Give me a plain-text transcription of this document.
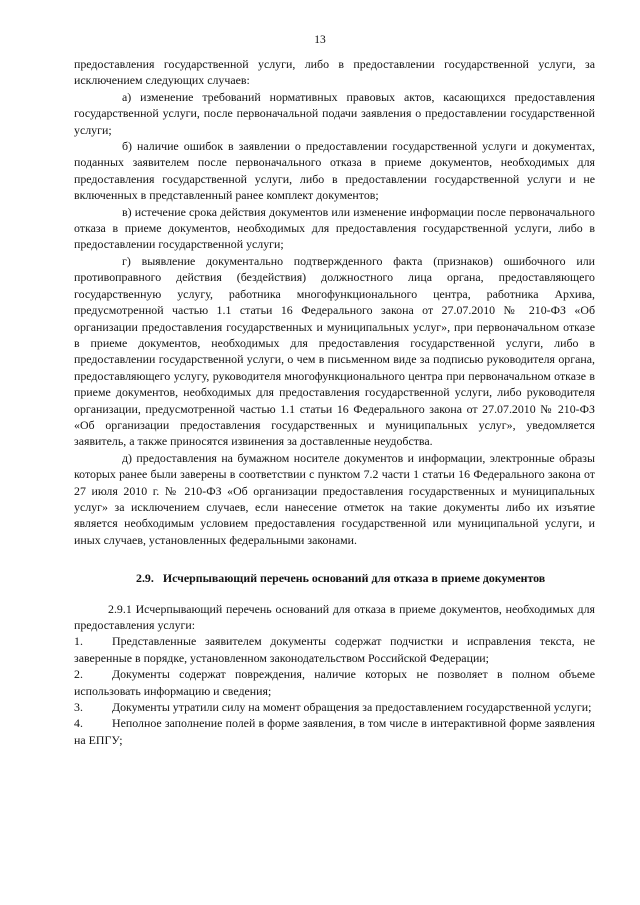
13

предоставления государственной услуги, либо в предоставлении государственной услуги, за исключением следующих случаев:

а) изменение требований нормативных правовых актов, касающихся предоставления государственной услуги, после первоначальной подачи заявления о предоставлении государственной услуги;

б) наличие ошибок в заявлении о предоставлении государственной услуги и документах, поданных заявителем после первоначального отказа в приеме документов, необходимых для предоставления государственной услуги, либо в предоставлении государственной услуги и не включенных в представленный ранее комплект документов;

в) истечение срока действия документов или изменение информации после первоначального отказа в приеме документов, необходимых для предоставления государственной услуги, либо в предоставлении государственной услуги;

г) выявление документально подтвержденного факта (признаков) ошибочного или противоправного действия (бездействия) должностного лица органа, предоставляющего государственную услугу, работника многофункционального центра, работника Архива, предусмотренной частью 1.1 статьи 16 Федерального закона от 27.07.2010 № 210-ФЗ «Об организации предоставления государственных и муниципальных услуг», при первоначальном отказе в приеме документов, необходимых для предоставления государственной услуги, либо в предоставлении государственной услуги, о чем в письменном виде за подписью руководителя органа, предоставляющего услугу, руководителя многофункционального центра при первоначальном отказе в приеме документов, необходимых для предоставления государственной услуги, либо руководителя организации, предусмотренной частью 1.1 статьи 16 Федерального закона от 27.07.2010 № 210-ФЗ «Об организации предоставления государственных и муниципальных услуг», уведомляется заявитель, а также приносятся извинения за доставленные неудобства.

д) предоставления на бумажном носителе документов и информации, электронные образы которых ранее были заверены в соответствии с пунктом 7.2 части 1 статьи 16 Федерального закона от 27 июля 2010 г. № 210-ФЗ «Об организации предоставления государственных и муниципальных услуг» за исключением случаев, если нанесение отметок на такие документы либо их изъятие является необходимым условием предоставления государственной или муниципальной услуги, и иных случаев, установленных федеральными законами.

2.9. Исчерпывающий перечень оснований для отказа в приеме документов

2.9.1 Исчерпывающий перечень оснований для отказа в приеме документов, необходимых для предоставления услуги:

1. Представленные заявителем документы содержат подчистки и исправления текста, не заверенные в порядке, установленном законодательством Российской Федерации;

2. Документы содержат повреждения, наличие которых не позволяет в полном объеме использовать информацию и сведения;

3. Документы утратили силу на момент обращения за предоставлением государственной услуги;

4. Неполное заполнение полей в форме заявления, в том числе в интерактивной форме заявления на ЕПГУ;
